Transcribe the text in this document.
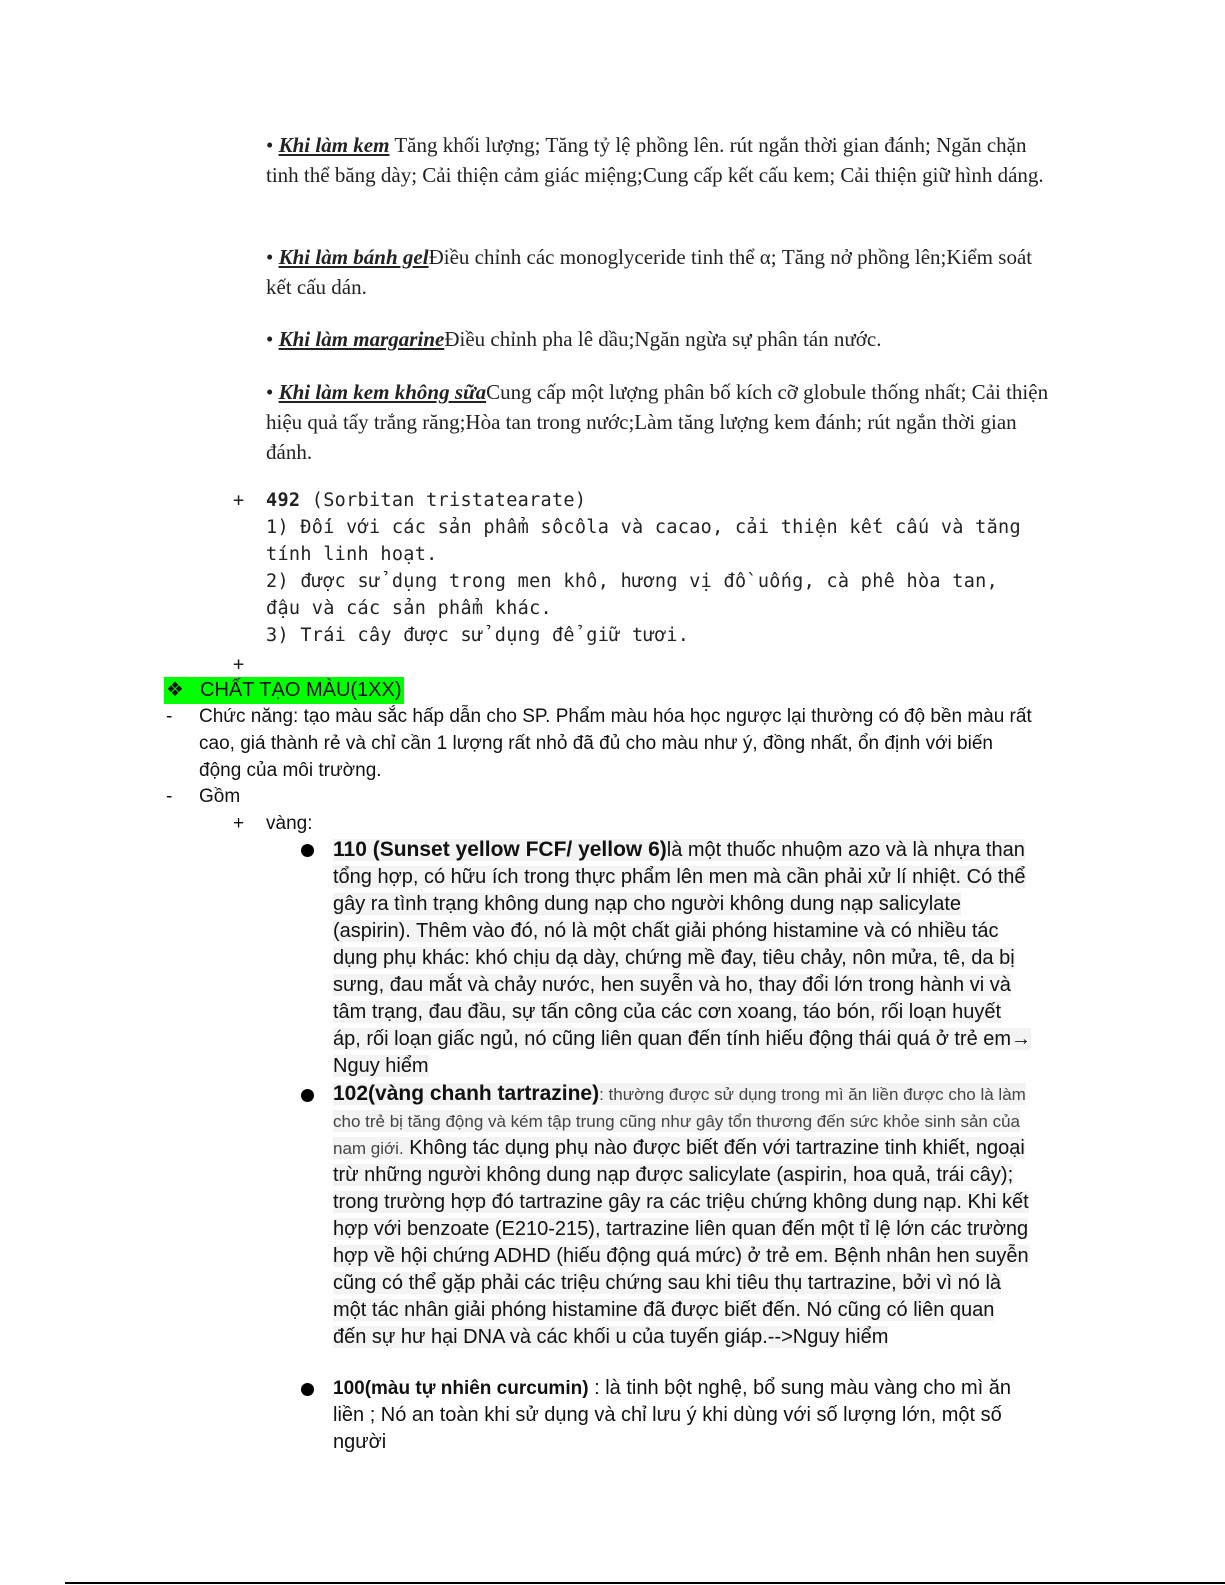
• Khi làm kem Tăng khối lượng; Tăng tỷ lệ phồng lên. rút ngắn thời gian đánh; Ngăn chặn tinh thể băng dày; Cải thiện cảm giác miệng;Cung cấp kết cấu kem; Cải thiện giữ hình dáng.
• Khi làm bánh gelĐiều chỉnh các monoglyceride tinh thể α; Tăng nở phồng lên;Kiểm soát kết cấu dán.
• Khi làm margarineĐiều chỉnh pha lê dầu;Ngăn ngừa sự phân tán nước.
• Khi làm kem không sữaCung cấp một lượng phân bố kích cỡ globule thống nhất; Cải thiện hiệu quả tẩy trắng răng;Hòa tan trong nước;Làm tăng lượng kem đánh; rút ngắn thời gian đánh.
+ 492 (Sorbitan tristatearate)
1) Đối với các sản phẩm sôcôla và cacao, cải thiện kết cấu và tăng tính linh hoạt.
2) được sử dụng trong men khô, hương vị đồ uống, cà phê hòa tan, đậu và các sản phẩm khác.
3) Trái cây được sử dụng để giữ tươi.
+
❖ CHẤT TẠO MÀU(1XX)
- Chức năng: tạo màu sắc hấp dẫn cho SP. Phẩm màu hóa học ngược lại thường có độ bền màu rất cao, giá thành rẻ và chỉ cần 1 lượng rất nhỏ đã đủ cho màu như ý, đồng nhất, ổn định với biến động của môi trường.
- Gồm
+ vàng:
110 (Sunset yellow FCF/ yellow 6)là một thuốc nhuộm azo và là nhựa than tổng hợp, có hữu ích trong thực phẩm lên men mà cần phải xử lí nhiệt. Có thể gây ra tình trạng không dung nạp cho người không dung nạp salicylate (aspirin). Thêm vào đó, nó là một chất giải phóng histamine và có nhiều tác dụng phụ khác: khó chịu dạ dày, chứng mề đay, tiêu chảy, nôn mửa, tê, da bị sưng, đau mắt và chảy nước, hen suyễn và ho, thay đổi lớn trong hành vi và tâm trạng, đau đầu, sự tấn công của các cơn xoang, táo bón, rối loạn huyết áp, rối loạn giấc ngủ, nó cũng liên quan đến tính hiếu động thái quá ở trẻ em→ Nguy hiểm
102(vàng chanh tartrazine): thường được sử dụng trong mì ăn liền được cho là làm cho trẻ bị tăng động và kém tập trung cũng như gây tổn thương đến sức khỏe sinh sản của nam giới. Không tác dụng phụ nào được biết đến với tartrazine tinh khiết, ngoại trừ những người không dung nạp được salicylate (aspirin, hoa quả, trái cây); trong trường hợp đó tartrazine gây ra các triệu chứng không dung nạp. Khi kết hợp với benzoate (E210-215), tartrazine liên quan đến một tỉ lệ lớn các trường hợp về hội chứng ADHD (hiếu động quá mức) ở trẻ em. Bệnh nhân hen suyễn cũng có thể gặp phải các triệu chứng sau khi tiêu thụ tartrazine, bởi vì nó là một tác nhân giải phóng histamine đã được biết đến. Nó cũng có liên quan đến sự hư hại DNA và các khối u của tuyến giáp.-->Nguy hiểm
100(màu tự nhiên curcumin) : là tinh bột nghệ, bổ sung màu vàng cho mì ăn liền ; Nó an toàn khi sử dụng và chỉ lưu ý khi dùng với số lượng lớn, một số người
